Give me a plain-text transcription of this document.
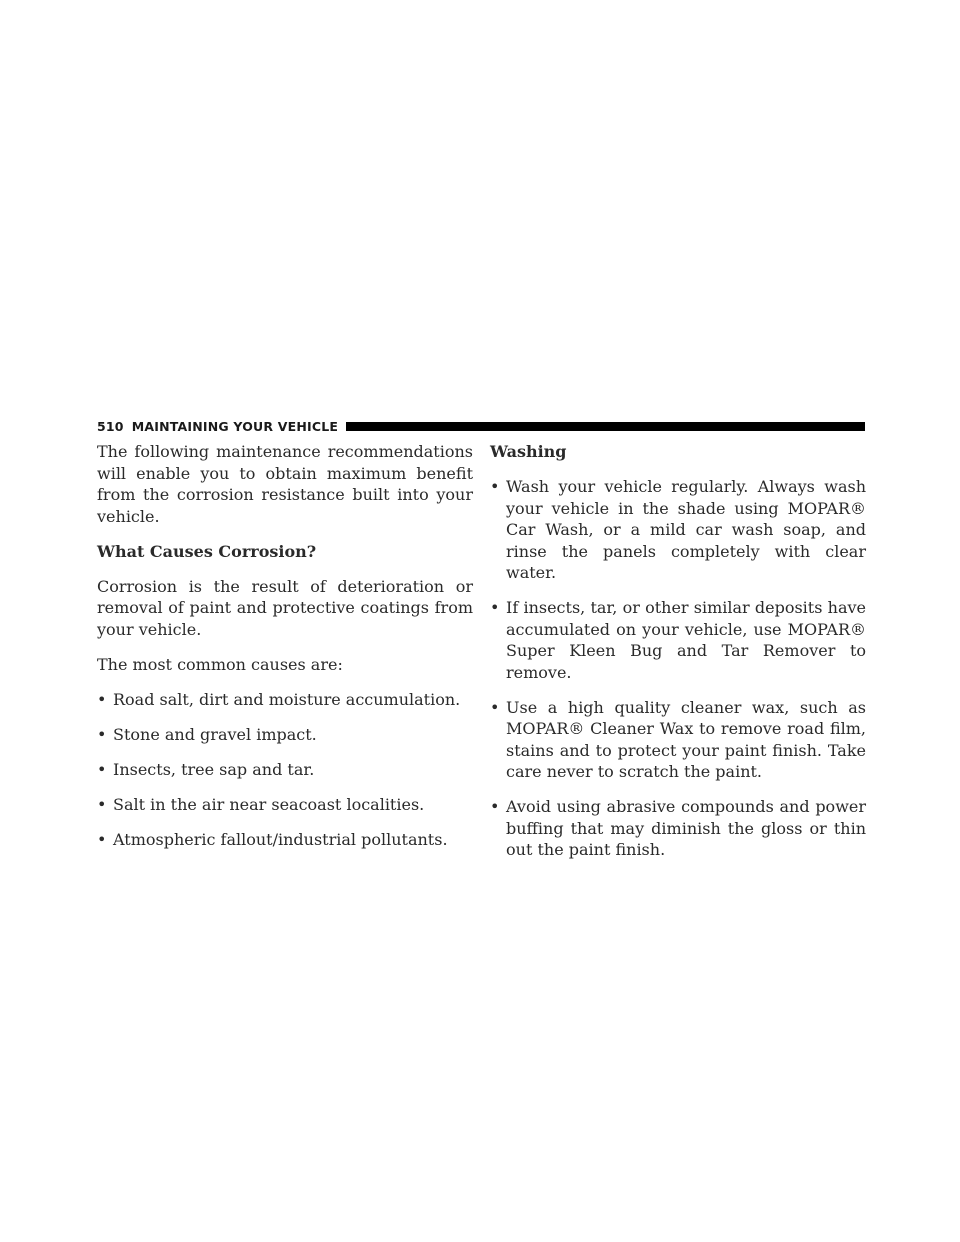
510 MAINTAINING YOUR VEHICLE

The following maintenance recommendations will enable you to obtain maximum benefit from the corrosion resistance built into your vehicle.

What Causes Corrosion?

Corrosion is the result of deterioration or removal of paint and protective coatings from your vehicle.

The most common causes are:

• Road salt, dirt and moisture accumulation.
• Stone and gravel impact.
• Insects, tree sap and tar.
• Salt in the air near seacoast localities.
• Atmospheric fallout/industrial pollutants.
Washing
• Wash your vehicle regularly. Always wash your vehicle in the shade using MOPAR® Car Wash, or a mild car wash soap, and rinse the panels completely with clear water.
• If insects, tar, or other similar deposits have accumulated on your vehicle, use MOPAR® Super Kleen Bug and Tar Remover to remove.
• Use a high quality cleaner wax, such as MOPAR® Cleaner Wax to remove road film, stains and to protect your paint finish. Take care never to scratch the paint.
• Avoid using abrasive compounds and power buffing that may diminish the gloss or thin out the paint finish.
